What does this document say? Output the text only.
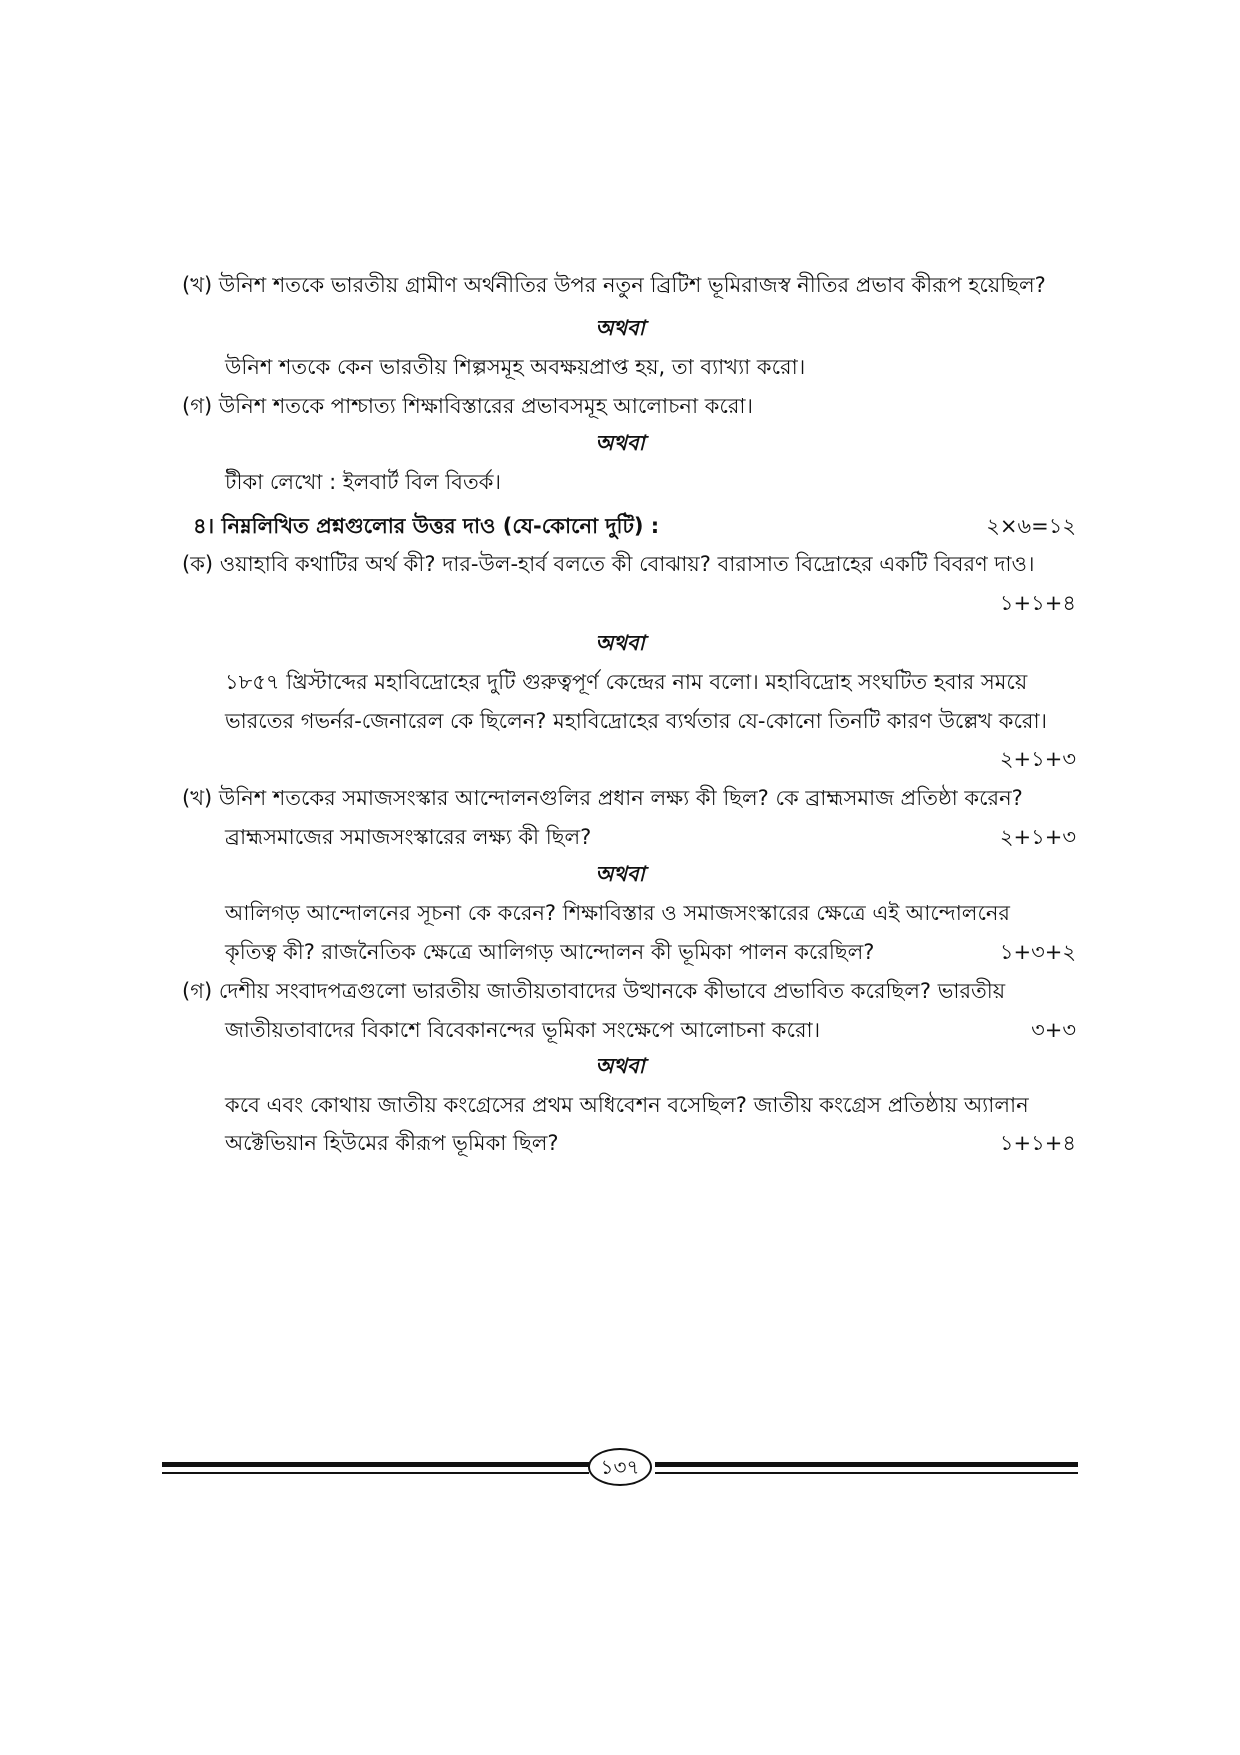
(খ) উনিশ শতকে ভারতীয় গ্রামীণ অর্থনীতির উপর নতুন ব্রিটিশ ভূমিরাজস্ব নীতির প্রভাব কীরূপ হয়েছিল?
অথবা
উনিশ শতকে কেন ভারতীয় শিল্পসমূহ অবক্ষয়প্রাপ্ত হয়, তা ব্যাখ্যা করো।
(গ) উনিশ শতকে পাশ্চাত্য শিক্ষাবিস্তারের প্রভাবসমূহ আলোচনা করো।
অথবা
টীকা লেখো : ইলবার্ট বিল বিতর্ক।
৪। নিম্নলিখিত প্রশ্নগুলোর উত্তর দাও (যে-কোনো দুটি) :	২×৬=১২
(ক) ওয়াহাবি কথাটির অর্থ কী? দার-উল-হার্ব বলতে কী বোঝায়? বারাসাত বিদ্রোহের একটি বিবরণ দাও।
১+১+৪
অথবা
১৮৫৭ খ্রিস্টাব্দের মহাবিদ্রোহের দুটি গুরুত্বপূর্ণ কেন্দ্রের নাম বলো। মহাবিদ্রোহ সংঘটিত হবার সময়ে
ভারতের গভর্নর-জেনারেল কে ছিলেন? মহাবিদ্রোহের ব্যর্থতার যে-কোনো তিনটি কারণ উল্লেখ করো।
২+১+৩
(খ) উনিশ শতকের সমাজসংস্কার আন্দোলনগুলির প্রধান লক্ষ্য কী ছিল? কে ব্রাহ্মসমাজ প্রতিষ্ঠা করেন?
ব্রাহ্মসমাজের সমাজসংস্কারের লক্ষ্য কী ছিল?	২+১+৩
অথবা
আলিগড় আন্দোলনের সূচনা কে করেন? শিক্ষাবিস্তার ও সমাজসংস্কারের ক্ষেত্রে এই আন্দোলনের
কৃতিত্ব কী? রাজনৈতিক ক্ষেত্রে আলিগড় আন্দোলন কী ভূমিকা পালন করেছিল?	১+৩+২
(গ) দেশীয় সংবাদপত্রগুলো ভারতীয় জাতীয়তাবাদের উত্থানকে কীভাবে প্রভাবিত করেছিল? ভারতীয়
জাতীয়তাবাদের বিকাশে বিবেকানন্দের ভূমিকা সংক্ষেপে আলোচনা করো।	৩+৩
অথবা
কবে এবং কোথায় জাতীয় কংগ্রেসের প্রথম অধিবেশন বসেছিল? জাতীয় কংগ্রেস প্রতিষ্ঠায় অ্যালান
অক্টেভিয়ান হিউমের কীরূপ ভূমিকা ছিল?	১+১+৪
১৩৭
